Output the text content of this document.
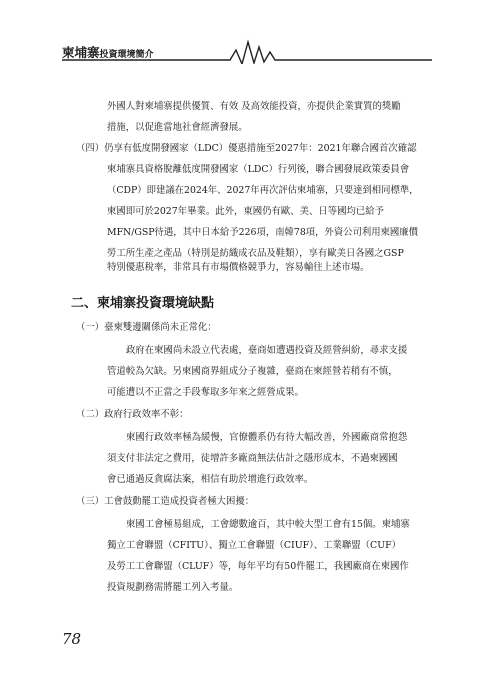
柬埔寨投資環境簡介
外國人對柬埔寨提供優質、有效 及高效能投資，亦提供企業實質的獎勵
措施，以促進當地社會經濟發展。
（四）仍享有低度開發國家（LDC）優惠措施至2027年：2021年聯合國首次確認
柬埔寨具資格脫離低度開發國家（LDC）行列後，聯合國發展政策委員會
（CDP）即建議在2024年、2027年再次評估柬埔寨，只要達到相同標準，
柬國即可於2027年畢業。此外，東國仍有歐、美、日等國均已給予
MFN/GSP待遇，其中日本給予226項，南韓78項，外資公司利用柬國廉價
勞工所生產之產品（特別是紡織成衣品及鞋類），享有歐美日各國之GSP
特別優惠稅率，非常具有市場價格競爭力，容易輸往上述市場。
二、柬埔寨投資環境缺點
（一）臺柬雙邊關係尚未正常化：
政府在柬國尚未設立代表處，臺商如遭遇投資及經營糾紛，尋求支援
管道較為欠缺。另柬國商界組成分子複雜，臺商在柬經營若稍有不慎，
可能遭以不正當之手段奪取多年來之經營成果。
（二）政府行政效率不彰：
柬國行政效率極為緩慢，官僚體系仍有待大幅改善，外國廠商常抱怨
須支付非法定之費用，徒增許多廠商無法估計之隱形成本，不過柬國國
會已通過反貪腐法案，相信有助於增進行政效率。
（三）工會鼓動罷工造成投資者極大困擾：
柬國工會極易組成，工會總數逾百，其中較大型工會有15個。柬埔寨
獨立工會聯盟（CFITU）、獨立工會聯盟（CIUF）、工業聯盟（CUF）
及勞工工會聯盟（CLUF）等，每年平均有50件罷工，我國廠商在柬國作
投資規劃務需將罷工列入考量。
78
